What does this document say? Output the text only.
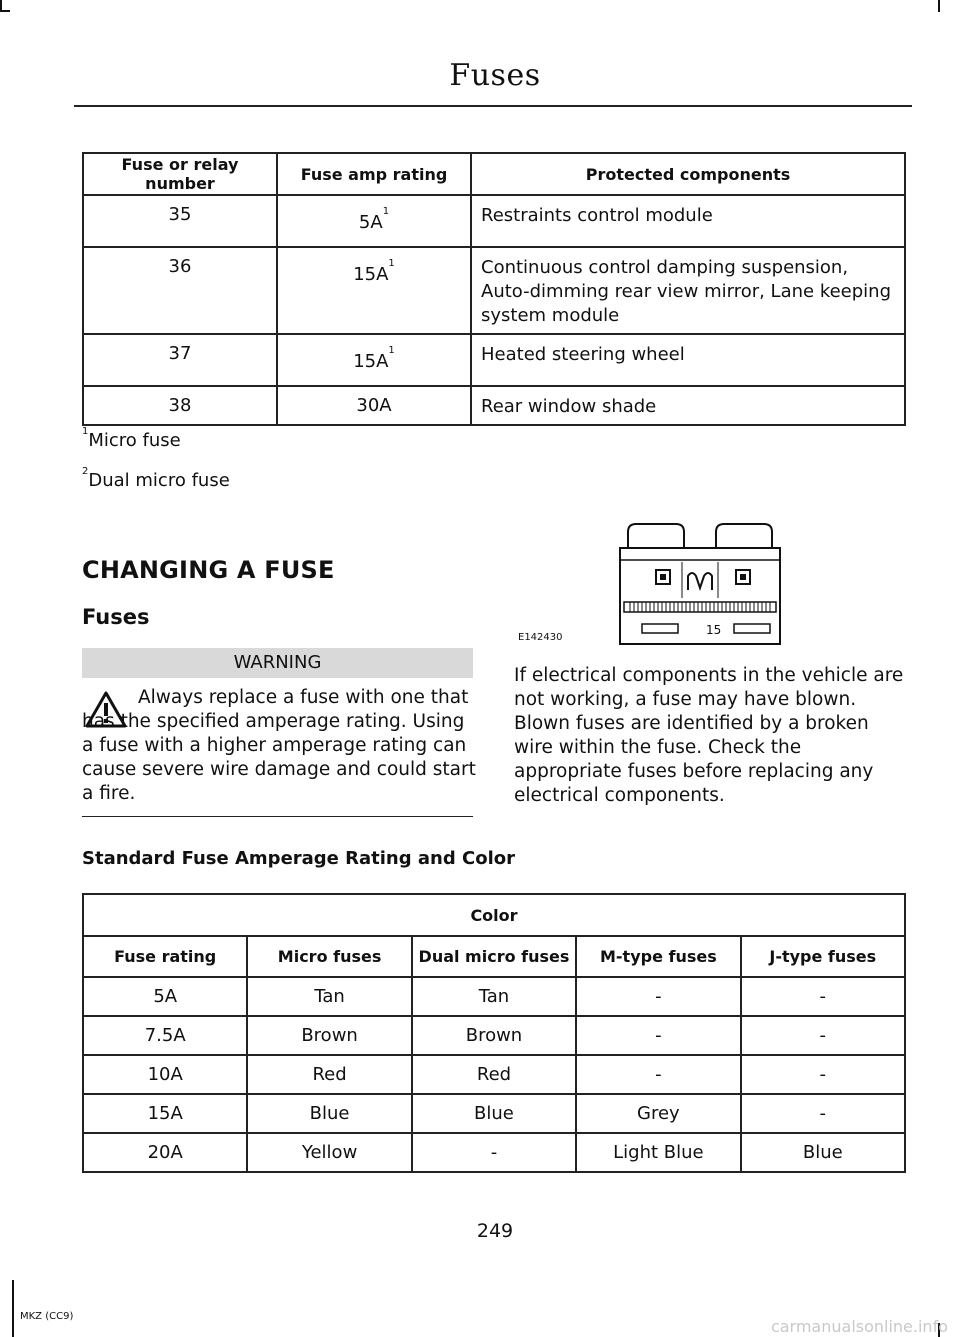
Fuses
Fuse or relay number	Fuse amp rating	Protected components
35	$5A^1$	Restraints control module
36	$15A^1$	Continuous control damping suspension, Auto-dimming rear view mirror, Lane keeping system module
37	$15A^1$	Heated steering wheel
38	30A	Rear window shade
$^1$Micro fuse
$^2$Dual micro fuse
CHANGING A FUSE
Fuses
WARNING
Always replace a fuse with one that has the specified amperage rating. Using a fuse with a higher amperage rating can cause severe wire damage and could start a fire.
15
E142430
If electrical components in the vehicle are not working, a fuse may have blown. Blown fuses are identified by a broken wire within the fuse. Check the appropriate fuses before replacing any electrical components.
Standard Fuse Amperage Rating and Color
Color				
Fuse rating	Micro fuses	Dual micro fuses	M-type fuses	J-type fuses
5A	Tan	Tan	-	-
7.5A	Brown	Brown	-	-
10A	Red	Red	-	-
15A	Blue	Blue	Grey	-
20A	Yellow	-	Light Blue	Blue
249
MKZ (CC9)
carmanualsonline.info
